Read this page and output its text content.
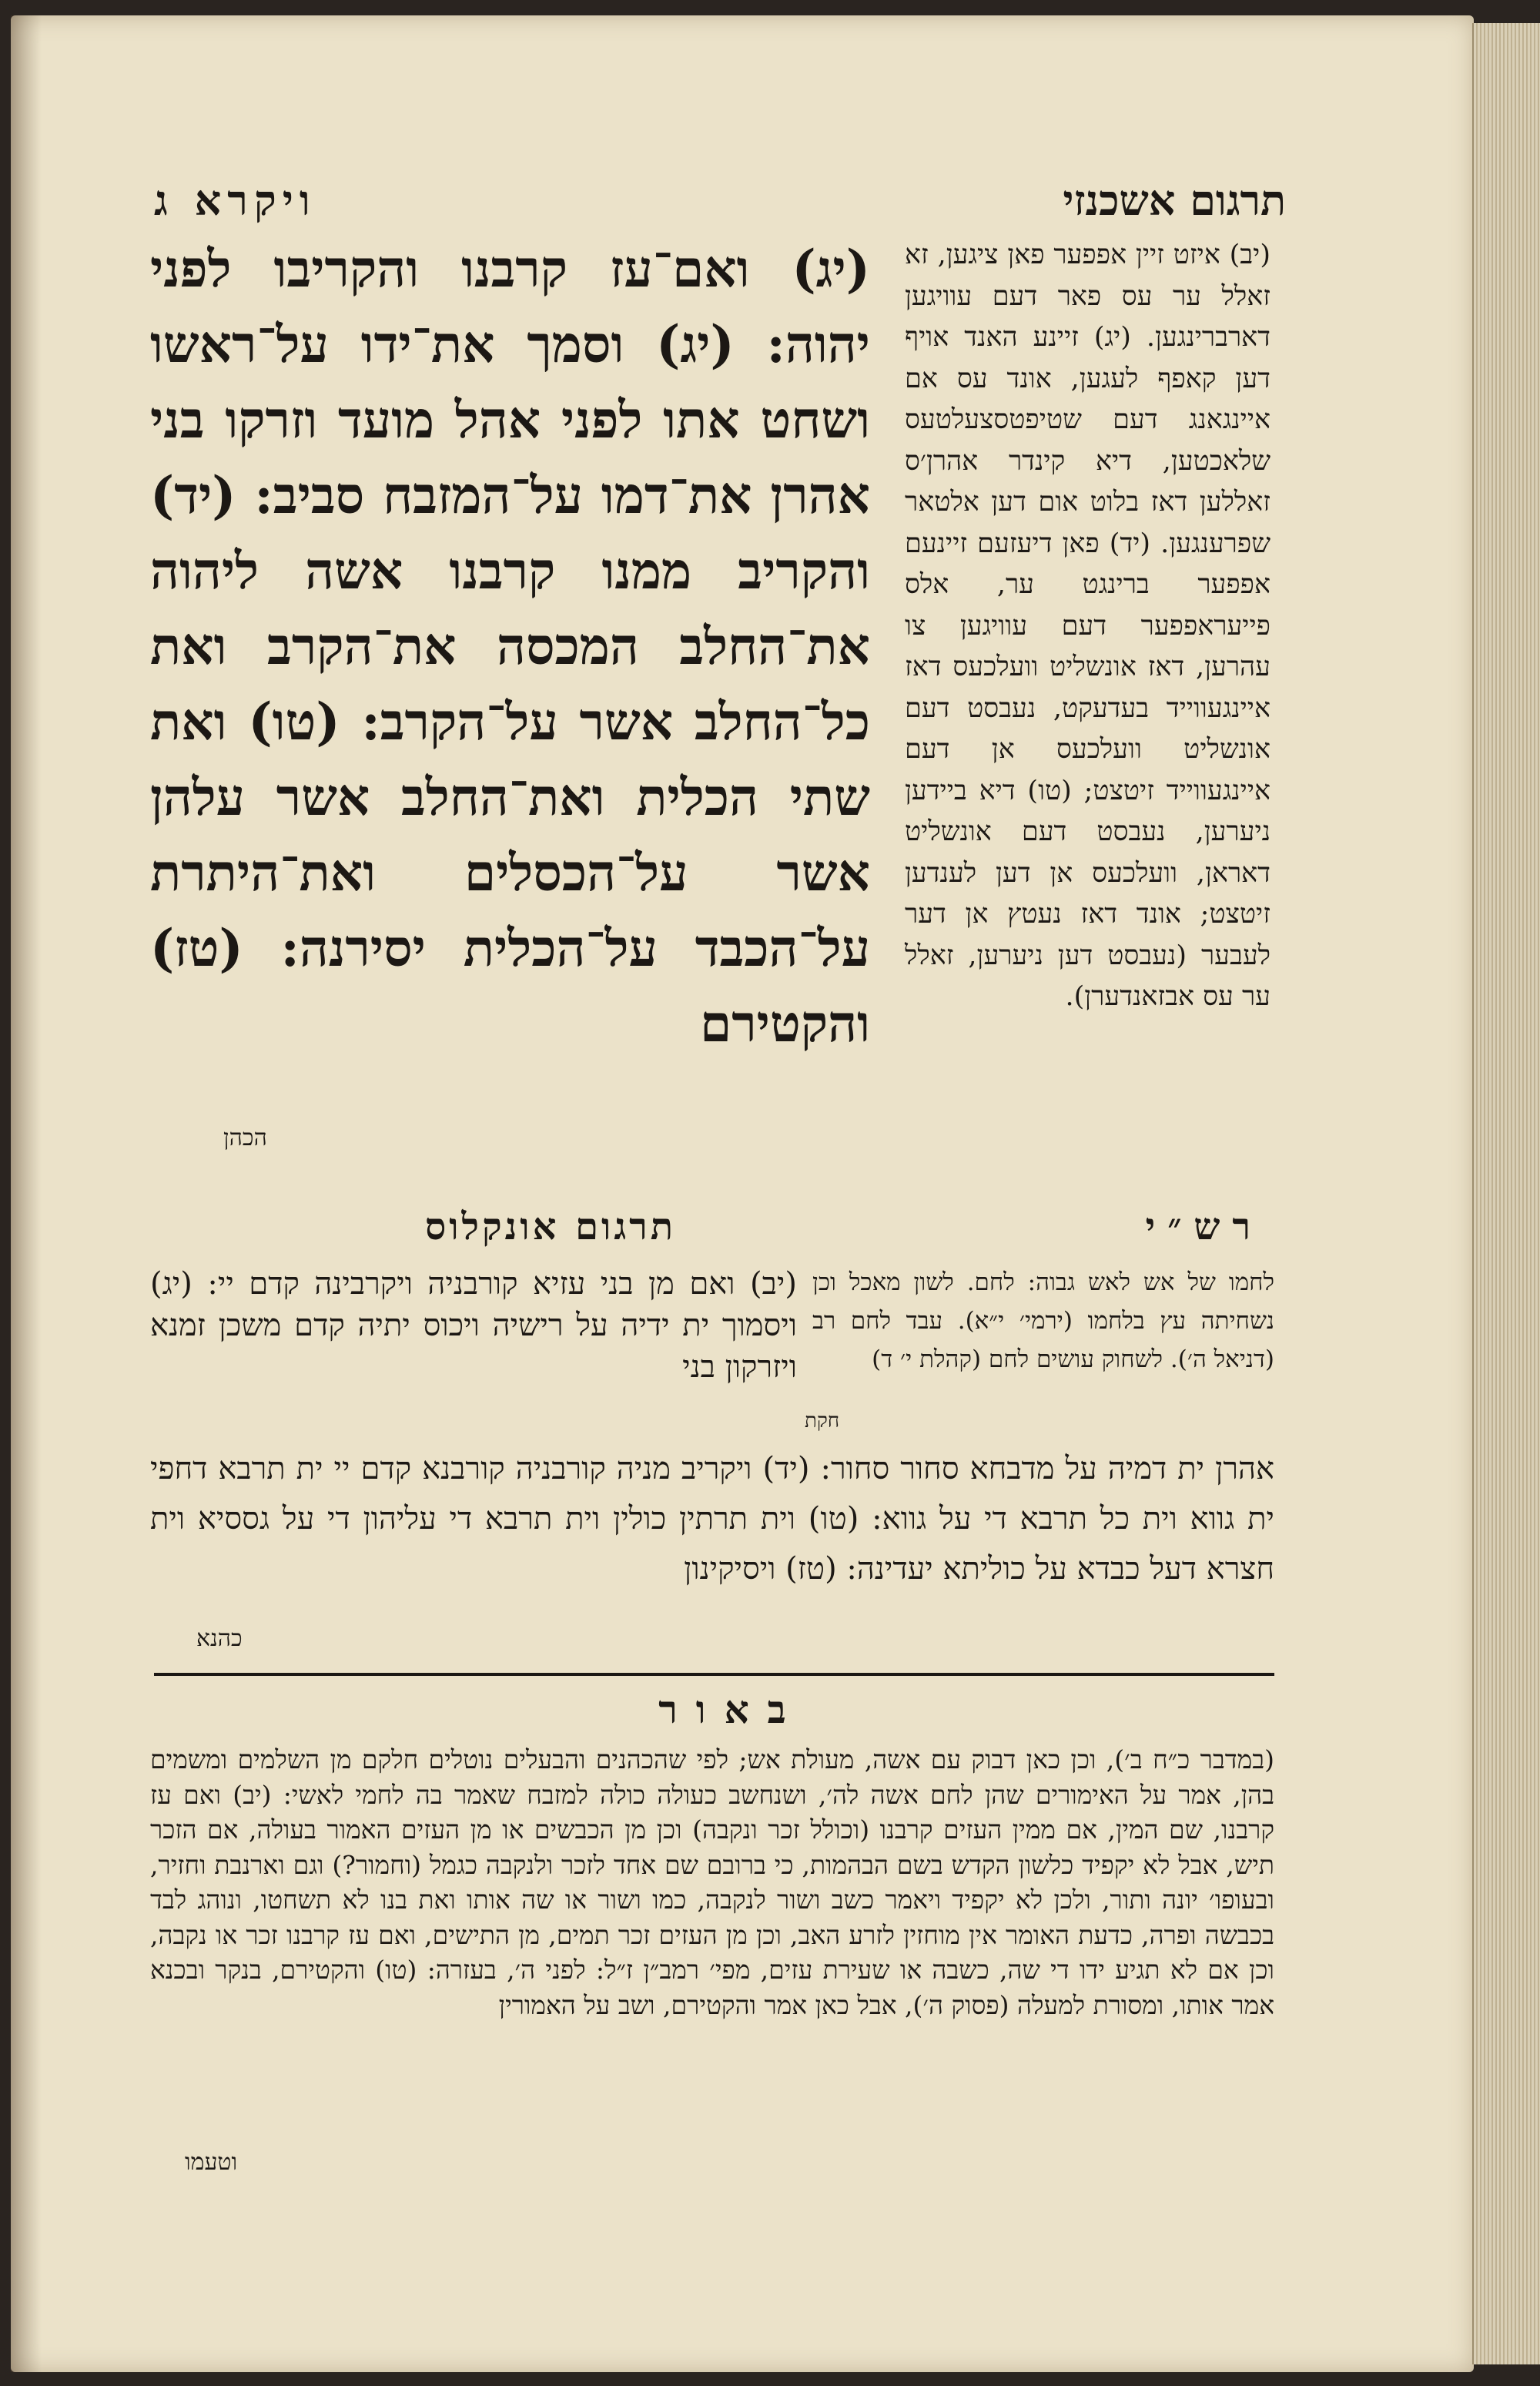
ויקרא ג	תרגום אשכנזי
(יג) ואם־עז קרבנו והקריבו לפני יהוה: (יג) וסמך את־ידו על־ראשו ושחט אתו לפני אהל מועד וזרקו בני אהרן את־דמו על־המזבח סביב: (יד) והקריב ממנו קרבנו אשה ליהוה את־החלב המכסה את־הקרב ואת כל־החלב אשר על־הקרב: (טו) ואת שתי הכלית ואת־החלב אשר עלהן אשר על־הכסלים ואת־היתרת על־הכבד על־הכלית יסירנה: (טז) והקטירם
הכהן
(יב) איזט זיין אפפער פאן ציגען, זא זאלל ער עס פאר דעם עוויגען דארברינגען. (יג) זיינע האנד אויף דען קאפף לעגען, אונד עס אם איינגאנג דעם שטיפטסצעלטעס שלאכטען, דיא קינדר אהרן׳ס זאללען דאז בלוט אום דען אלטאר שפרענגען. (יד) פאן דיעזעם זיינעם אפפער ברינגט ער, אלס פייעראפפער דעם עוויגען צו עהרען, דאז אונשליט וועלכעס דאז איינגעווייד בעדעקט, נעבסט דעם אונשליט וועלכעס אן דעם איינגעווייד זיטצט; (טו) דיא ביידען ניערען, נעבסט דעם אונשליט דאראן, וועלכעס אן דען לענדען זיטצט; אונד דאז נעטץ אן דער לעבער (נעבסט דען ניערען, זאלל ער עס אבזאנדערן).
תרגום אונקלוס	רש״י
(יב) ואם מן בני עזיא קורבניה ויקרבינה קדם יי: (יג) ויסמוך ית ידיה על רישיה ויכוס יתיה קדם משכן זמנא ויזרקון בני
לחמו של אש לאש גבוה: לחם. לשון מאכל וכן נשחיתה עץ בלחמו (ירמי׳ י״א). עבד לחם רב (דניאל ה׳). לשחוק עושים לחם (קהלת י׳ ד)
חקת
אהרן ית דמיה על מדבחא סחור סחור: (יד) ויקריב מניה קורבניה קורבנא קדם יי ית תרבא דחפי ית גווא וית כל תרבא די על גווא: (טו) וית תרתין כולין וית תרבא די עליהון די על גססיא וית חצרא דעל כבדא על כוליתא יעדינה: (טז) ויסיקינון
כהנא
באור
(במדבר כ״ח ב׳), וכן כאן דבוק עם אשה, מעולת אש; לפי שהכהנים והבעלים נוטלים חלקם מן השלמים ומשמים בהן, אמר על האימורים שהן לחם אשה לה׳, ושנחשב כעולה כולה למזבח שאמר בה לחמי לאשי: (יב) ואם עז קרבנו, שם המין, אם ממין העזים קרבנו (וכולל זכר ונקבה) וכן מן הכבשים או מן העזים האמור בעולה, אם הזכר תיש, אבל לא יקפיד כלשון הקדש בשם הבהמות, כי ברובם שם אחד לזכר ולנקבה כגמל (וחמור?) וגם וארנבת וחזיר, ובעופו׳ יונה ותור, ולכן לא יקפיד ויאמר כשב ושור לנקבה, כמו ושור או שה אותו ואת בנו לא תשחטו, ונוהג לבד בכבשה ופרה, כדעת האומר אין מוחזין לזרע האב, וכן מן העזים זכר תמים, מן התישים, ואם עז קרבנו זכר או נקבה, וכן אם לא תגיע ידו די שה, כשבה או שעירת עזים, מפי׳ רמב״ן ז״ל: לפני ה׳, בעזרה: (טו) והקטירם, בנקר ובכנא אמר אותו, ומסורת למעלה (פסוק ה׳), אבל כאן אמר והקטירם, ושב על האמורין
וטעמו
